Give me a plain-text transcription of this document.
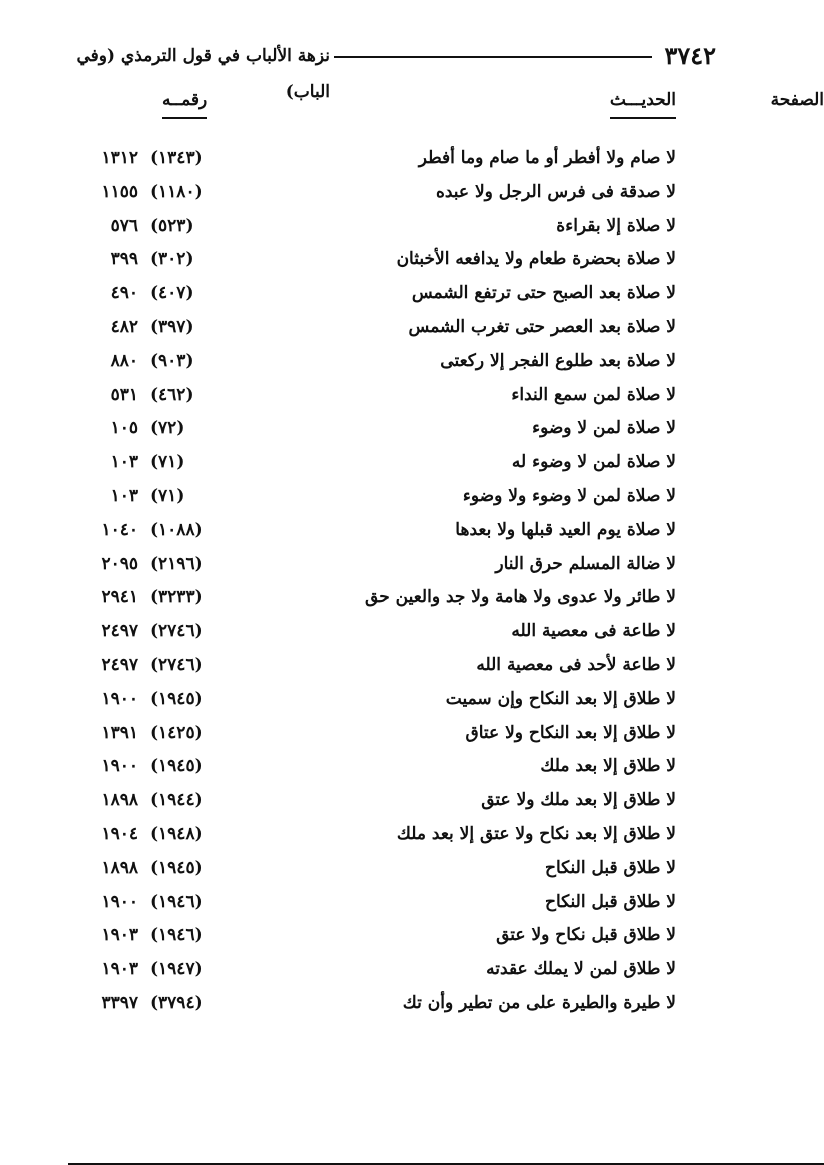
٣٧٤٢
نزهة الألباب في قول الترمذي (وفي الباب)	الحديـــث
رقمــه	الصفحة
لا صام ولا أفطر أو ما صام وما أفطر
(١٣٤٣)
١٣١٢
لا صدقة فى فرس الرجل ولا عبده
(١١٨٠)
١١٥٥
لا صلاة إلا بقراءة
(٥٢٣)
٥٧٦
لا صلاة بحضرة طعام ولا يدافعه الأخبثان
(٣٠٢)
٣٩٩
لا صلاة بعد الصبح حتى ترتفع الشمس
(٤٠٧)
٤٩٠
لا صلاة بعد العصر حتى تغرب الشمس
(٣٩٧)
٤٨٢
لا صلاة بعد طلوع الفجر إلا ركعتى
(٩٠٣)
٨٨٠
لا صلاة لمن سمع النداء
(٤٦٢)
٥٣١
لا صلاة لمن لا وضوء
(٧٢)
١٠٥
لا صلاة لمن لا وضوء له
(٧١)
١٠٣
لا صلاة لمن لا وضوء ولا وضوء
(٧١)
١٠٣
لا صلاة يوم العيد قبلها ولا بعدها
(١٠٨٨)
١٠٤٠
لا ضالة المسلم حرق النار
(٢١٩٦)
٢٠٩٥
لا طائر ولا عدوى ولا هامة ولا جد والعين حق
(٣٢٣٣)
٢٩٤١
لا طاعة فى معصية الله
(٢٧٤٦)
٢٤٩٧
لا طاعة لأحد فى معصية الله
(٢٧٤٦)
٢٤٩٧
لا طلاق إلا بعد النكاح وإن سميت
(١٩٤٥)
١٩٠٠
لا طلاق إلا بعد النكاح ولا عتاق
(١٤٢٥)
١٣٩١
لا طلاق إلا بعد ملك
(١٩٤٥)
١٩٠٠
لا طلاق إلا بعد ملك ولا عتق
(١٩٤٤)
١٨٩٨
لا طلاق إلا بعد نكاح ولا عتق إلا بعد ملك
(١٩٤٨)
١٩٠٤
لا طلاق قبل النكاح
(١٩٤٥)
١٨٩٨
لا طلاق قبل النكاح
(١٩٤٦)
١٩٠٠
لا طلاق قبل نكاح ولا عتق
(١٩٤٦)
١٩٠٣
لا طلاق لمن لا يملك عقدته
(١٩٤٧)
١٩٠٣
لا طيرة والطيرة على من تطير وأن تك
(٣٧٩٤)
٣٣٩٧
